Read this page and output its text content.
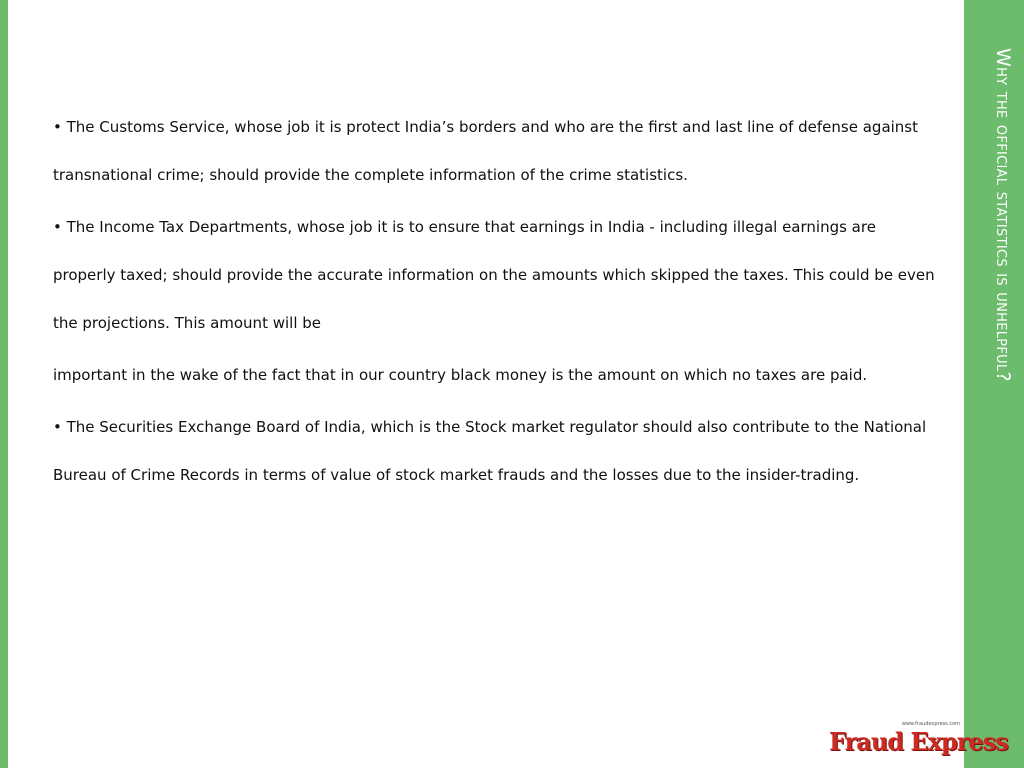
Why the official statistics is unhelpful?

• The Customs Service, whose job it is protect India’s borders and who are the first and last line of defense against transnational crime; should provide the complete information of the crime statistics.

• The Income Tax Departments, whose job it is to ensure that earnings in India - including illegal earnings are properly taxed; should provide the accurate information on the amounts which skipped the taxes. This could be even the projections. This amount will be

important in the wake of the fact that in our country black money is the amount on which no taxes are paid.

• The Securities Exchange Board of India, which is the Stock market regulator should also contribute to the National Bureau of Crime Records in terms of value of stock market frauds and the losses due to the insider-trading.

www.fraudexpress.com
Fraud Express
